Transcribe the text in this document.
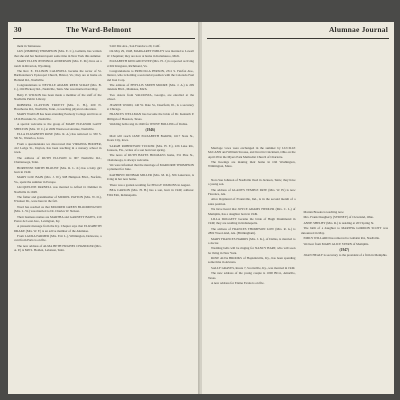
30	The Ward-Belmont

ment in Tennessee.

JAN (ZIMMER) THOMPSON (Mrs. E. C.), Gallatin, has written that she and her husband spent some time in New York this summer.

MARY ELLEN JENNINGS ANDERSON (Mrs. E. M.) lives on a ranch in Riverton, Wyoming.

The Rev. E. ELLISON CALDWELL became the rector of St. Bartholomew's Episcopal Church, Bristol, Va.; they are at home on Holland Rd., Nashville.

Congratulations to NEVILLE ADAMS REED SCRAP (Mrs. B. C.), Old Hickory Rd., Nashville, Tenn. She was married last May.

Betty P. WILSON has been made a member of the staff of the Nashville Public Library.

ROBERTA CLAYTON TRUETT (Mrs. C. H.), 209 N. Hawthorne Rd., Nashville, Tenn., is teaching physical education.

MARY WAUGH has been attending Peabody College and lives at 1816 Hawkins St., Nashville.

A special welcome to the group of MARY ELEANOR GANT SHELTON (Mrs. W. C.) at 2609 Westwood Avenue, Nashville.

ELLA ELIZABETH ROSE (Mrs. R. A.) has removed to 330 S. 5th St., Waterloo, Iowa.

From a questionnaire we discovered that VIRGINIA HOOPER, 412 Ledge St., Dayton, has been teaching in a nursery school in town.

The address of RUTH ELLISON is 907 Nashville Rd., Chattanooga, Tenn.

HORTENSE SMITH BLOUNT (Mrs. R. L. Jr.) has a baby girl born in 1949.

MARY LOU BAIN (Mrs. J. W.), 908 Hampton Blvd., Norfolk, Va., spent the summer in Europe.

JACQUELINE PARNELL was married to Alfred O. Dehmer in Nashville in 1948.

The father and grandmother of MURIEL PATTON (Mrs. W. D.), 8 Sunset Dr., were here in the fall.

Word has reached us that MILDRED GREEN BLOOMINGTON (Mrs. L. W.) was married to Dr. Charles W. Nelson.

Their business names are MARTHA and GARNETT BATES, 219 Ponce de Leon Ave., Lexington, Ky.

A pleasant message from the Ky. Chapter says that ELIZABETH DRAKE (Mrs. W. F.) is an active member of the Alumnae.

From LAURA FARMER (Mrs. Eric L.), Wilmington, Delaware, a card from Paris is on file.

The new address of ALMA BETH HUGHES CHANDLER (Mrs. A. P.) is 848 S. Holden, Lebanon, Tenn.

5410 Dix Ave., San Francisco 29, Calif.

On May 29, 1948, MARGARET EMILEY was married to Lowell W. Chapman; they are now at home in Kalamazoo, Mich.

ELIZABETH KINCAID ESTEP (Mrs. H. J.) is reported as living at 602 Kingston, Richmond, Va.

Congratulations to PRISCILLA PERSON, 2311 S. Fairfax Ave., Denver, who is holding a secretarial position with the Colorado Fuel and Iron Corp.

The address of PHYLLIS SMITH MOORE (Mrs. J. A.) is 209 Oakdale Blvd., Manistee, Mich.

Two sisters from VALDOSTA, Georgia, are enrolled at the school.

JEANNE WOOD, 140 W. Dale St., Deerfield, Ill., is a secretary in Chicago.

FRANCES WELLMAN has become the bride of Dr. Kenneth P. Milligan of Houston, Texas.

Wedding bells rang in 1949 for JENNY BOLLING of Dallas.

(1946)

Mail will reach JANE ELIZABETH BAKER, 1617 State St., Sioux City, Iowa.

SARAH ROBERTSON TUCKER (Mrs. H. E.), 226 Lake Rd., Sarasota, Fla., writes of a son born last spring.

The news of RUTH HAYES HOLMAN's home, 331 Pine St., Chattanooga, is always welcome.

We were informed that the marriage of MARJORIE THOMPSON is planned for June.

KATHRYN DUNBAR MILLER (Mrs. M. R.), 506 Lakeview, is living in her new home.

There was a garden wedding for PEGGY WATKINS in August.

BEA CARSON (Mrs. H. H.) has a son, born in 1949; address: 8304 Elm, Indianapolis.

Alumnae Journal

Marriage vows were exchanged in the summer by LUCILLE McCANN and William Strouse, and lived in Cincinnati, Ohio on the April 28 in the Myers Park Methodist Church of Charlotte.

The Koenigs are making their home in Old Washington, Wilmington, Mass.

Nora Sue Johnson of Nashville lived in Jackson, Tenn.; they have a young son.

The address of GLADYS TEMPLE PATE (Mrs. W. H.) is now Florence, Ala.

Alice Raymond of Evansville, Ind., is in the second month of a sales position.

We have heard that JOYCE ADAMS FIEDLER (Mrs. C. L.) of Memphis, has a daughter born in 1949.

LILLA DOGGETT became the bride of Hugh Drummond in 1949; they are residing in Indianapolis.

The address of FRANCES THOMPSON LOW (Mrs. R. G.) is 2802 Wood-land, Ala. (Birmingham).

MARY FRANCES HARRIS (Mrs. J. K.), of Dallas, is married to a doctor.

Wedding bells will be ringing for NANCY HART, who will soon be living in New York.

ROSE ALTA BROOKS of Hopkinsville, Ky., has been spending some time in Arizona.

SALLY GRAVES, Route 7, Scottsville, Ky., was married in 1949.

The new address of the young couple is 1000 Blvd., Amarillo, Texas.

A new address for Elaine Evans is on file.

Marian Brooks is teaching now.

Mrs. Frank Dougherty (SYDNEY) of Cleveland, Ohio.

ANNE SHELBY (Mrs. R.) is residing at 203 Spring St.

The birth of a daughter to MARTHA GORDON SCOTT was announced in May.

EMILY WILLARD has removed to Gallatin Rd., Nashville.

We hear from MARY ALICE STERN of Memphis.

(1947)

JOAN HEALY is secretary to the president of a firm in Memphis.
